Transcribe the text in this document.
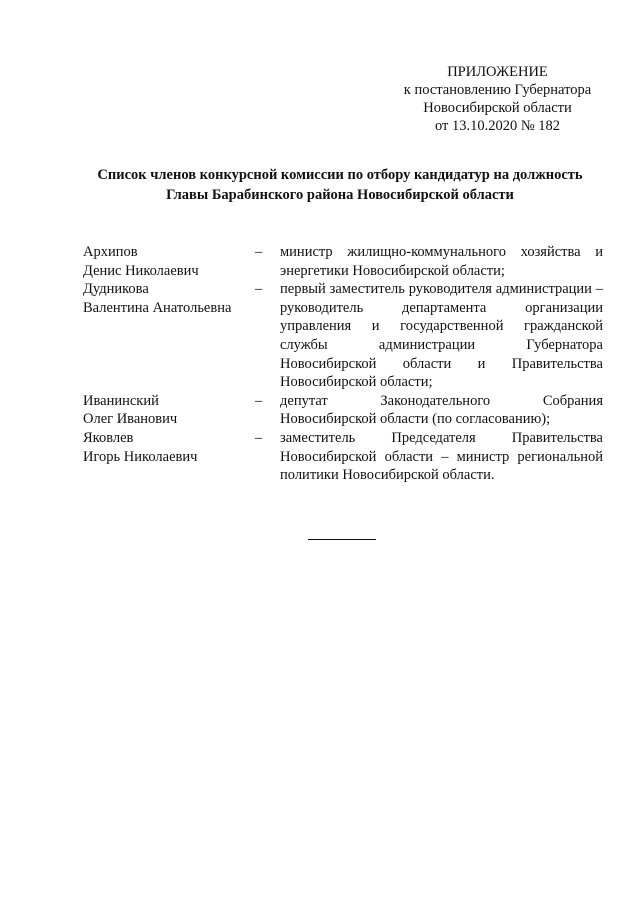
ПРИЛОЖЕНИЕ
к постановлению Губернатора
Новосибирской области
от 13.10.2020 № 182
Список членов конкурсной комиссии по отбору кандидатур на должность
Главы Барабинского района Новосибирской области
Архипов
Денис Николаевич
–	министр жилищно-коммунального хозяйства и энергетики Новосибирской области;
Дудникова
Валентина Анатольевна
–	первый заместитель руководителя администрации – руководитель департамента организации управления и государственной гражданской службы администрации Губернатора Новосибирской области и Правительства Новосибирской области;
Иванинский
Олег Иванович
–	депутат Законодательного Собрания Новосибирской области (по согласованию);
Яковлев
Игорь Николаевич
–	заместитель Председателя Правительства Новосибирской области – министр региональной политики Новосибирской области.
